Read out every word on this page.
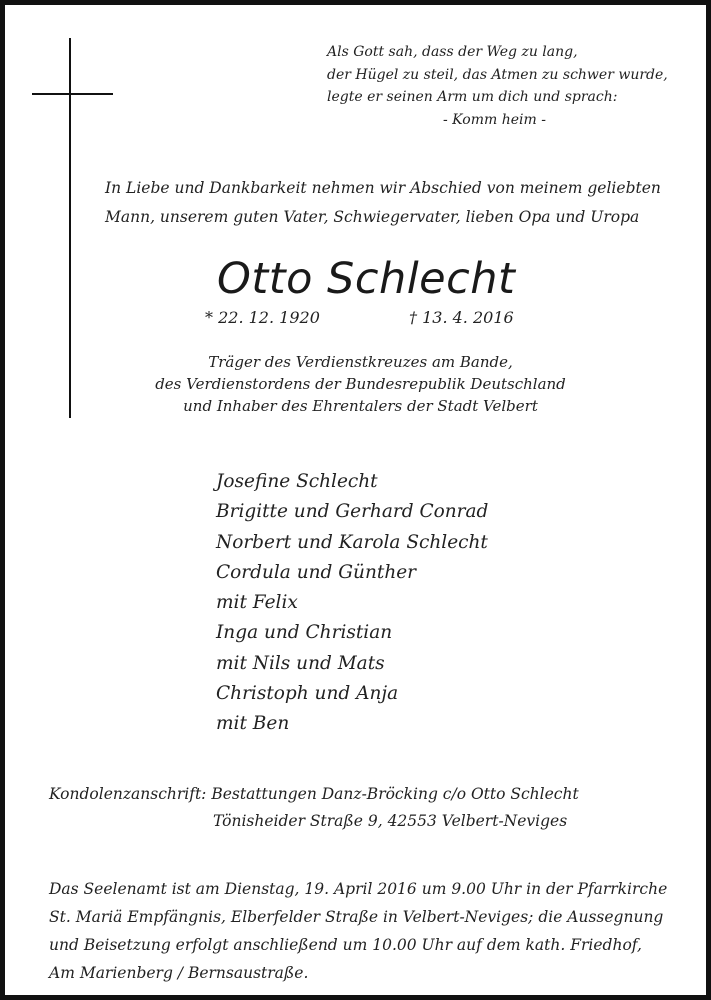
Als Gott sah, dass der Weg zu lang,
der Hügel zu steil, das Atmen zu schwer wurde,
legte er seinen Arm um dich und sprach:
- Komm heim -
In Liebe und Dankbarkeit nehmen wir Abschied von meinem geliebten
Mann, unserem guten Vater, Schwiegervater, lieben Opa und Uropa
Otto Schlecht
* 22. 12. 1920	† 13. 4. 2016
Träger des Verdienstkreuzes am Bande,
des Verdienstordens der Bundesrepublik Deutschland
und Inhaber des Ehrentalers der Stadt Velbert
Josefine Schlecht
Brigitte und Gerhard Conrad
Norbert und Karola Schlecht
Cordula und Günther
mit Felix
Inga und Christian
mit Nils und Mats
Christoph und Anja
mit Ben
Kondolenzanschrift: Bestattungen Danz-Bröcking c/o Otto Schlecht
Tönisheider Straße 9, 42553 Velbert-Neviges
Das Seelenamt ist am Dienstag, 19. April 2016 um 9.00 Uhr in der Pfarrkirche
St. Mariä Empfängnis, Elberfelder Straße in Velbert-Neviges; die Aussegnung
und Beisetzung erfolgt anschließend um 10.00 Uhr auf dem kath. Friedhof,
Am Marienberg / Bernsaustraße.
